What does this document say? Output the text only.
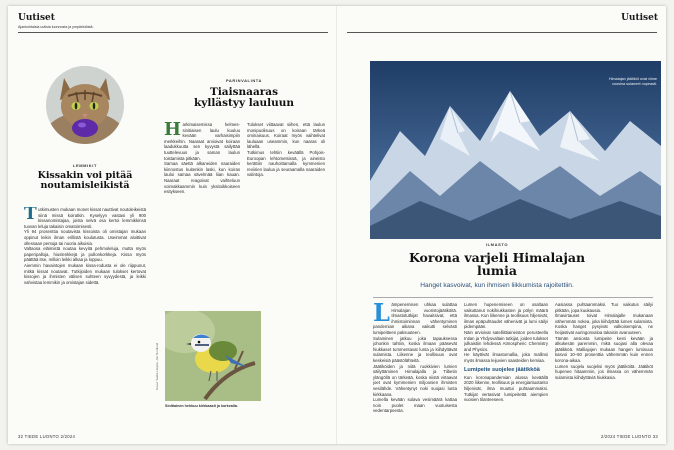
Uutiset
Ajankohtaisia uutisia luonnosta ja ympäristöstä.
LEMMIKIT
Kissakin voi pitää noutamisleikistä
T utkimusten mukaan monet kissat nauttivat noutoleikeistä siinä missä koiratkin. Kyselyyn vastasi yli 900 kissanomistajaa, joista selvä osa kertoi lemmikkinsä tuovan leluja takaisin omatoimisesti.

Yli 94 prosenttia noutavista kissoista oli omistajan mukaan oppinut leikin ilman erillistä koulutusta. Useimmat aloittivat ollessaan pentuja tai nuoria aikuisia.

Valtaosa eläimistä noutaa kevyitä pehmoleluja, mutta myös paperipalloja, hiuslenkkejä ja pullonkorkkeja. Kissa myös päättää itse, milloin leikki alkaa ja loppuu.

Aiemmin havaintojen mukaan kissa-rodusta ei ole riippunut, mitkä kissat noutavat. Tutkijoiden mukaan tulokset kertovat kissojen ja ihmisten välisen suhteen syvyydestä, ja leikki vahvistaa lemmikin ja omistajan sidettä.

PARINVALINTA
Tiaisnaaras kyllästyy lauluun
H arkimaisemissa helmes-sinitiaisen laulu kuuluu kevään varhaisimpiin merkkeihin. Naaraat arvioivat koiraan laadukkuutta sen kyvystä säilyttää tuuttelevuus ja saman laulun toistamista pitkään.

Samaa säettä alkaneiden naaraiden kiinnostus kuitenkin laski, kun koiras lauloi samaa sävelmää liian kauan. Naaraat reagoivat vaihteluun voimakkaammin kuin yksitoikkoiseen esitykseen.

Tulokset viittaavat siihen, että laulun monipuolisuus on koiraan tärkeä ominaisuus. Koiraat myös vaihtelivat lauluaan useammin, kun naaras oli lähellä.

Tutkimus tehtiin keväällä Pohjois-Euroopan lehtometsissä, ja aineisto kerättiin nauhoittamalla kymmenien reviirien laulua ja seuraamalla naaraiden valintoja.

Sinitiainen hehkuu kirkkaasti ja korkealla.
Kuvat: Sakke Heijola, Jari Nordlund
32 TIEDE LUONTO 2/2024
Uutiset
Himalajan jäätiköt ovat viime vuosina sulaneet nopeasti.
ILMASTO
Korona varjeli Himalajan lumia
Hanget kasvoivat, kun ihmisen liikkumista rajoitettiin.
L ämpenemisen uhkaa sulattaa Himalajan vuoristojäätiköitä. Ilmastotutkijat havaitsivat, että ihmistoiminnan vähentyminen pandemian aikana vaikutti selvästi lumipeitteen paksuuteen.

Sulaminen jatkuu joka tapauksessa johonkin tahtiin, koska ilmaan pääsevät hiukkaset tummentavat lunta ja kiihdyttävät sulamista. Liikenne ja teollisuus ovat keskeisiä päästölähteitä.

Jäätiköiden ja niitä ruokkivien lumien säilyttäminen Himalajalla ja Tiibetin ylängöllä on tärkeää, koska niistä virtaavat joet ovat kymmenien miljoonien ihmisten vesilähde. Vähentynyt noki suojasi lunta kirkkaana.

Lumella kevään sulava vesimäärä kattaa noin puolet maan vuotuisesta vedentarpeesta.

Lumen hupenemiseen on osaltaan vaikuttanut nokihiukkasten ja pölyn määrä ilmassa. Kun liikenne ja teollisuus hiljenivät, ilman epäpuhtaudet vähenivät ja lumi säilyi pidempään.

Näin arvioivat satelliittiaineiston perusteella Intian ja Yhdysvaltain tutkijat, joiden tulokset julkaistiin lehdessä Atmospheric Chemistry and Physics.

He käyttivät ilmastomallia, joka mallinsi myös ilmassa leijuvien saasteiden kemiaa.

Lumipeite suojelee jäätikköä

Kun koronapandemian alussa keväällä 2020 liikenne, teollisuus ja energiantuotanto hiljenivät, ilma muuttui puhtaammaksi. Tutkijat vertasivat lumipeitettä aiempien vuosien tilanteeseen.

Aasiassa puhtaammaksi. Tuo vaikutus säilyi pitkään, jopa kuukausia.

Ilmavirtauset toivat Himalajalle mukanaan vähemmän nokea, joka kiihdyttää lumen sulamista. Koska hanget pysyivät valkoisempina, ne heijastivat auringonvaloa takaisin avaruuteen.

Tämän ansiosta lumipeite kesti kevään ja alkukesän paremmin, mikä suojasi alla olevaa jäätikköä. Malliajojen mukaan hangen lumisuus kasvoi 10–50 prosenttia vähemmän kuin ennen korona-aikaa.

Lumen suojelu suojelisi myös jäätiköitä. Jäätiköt hupenee hitaammin, jos ilmassa on vähemmän sulamista kiihdyttäviä hiukkasia.

2/2024 TIEDE LUONTO 33
